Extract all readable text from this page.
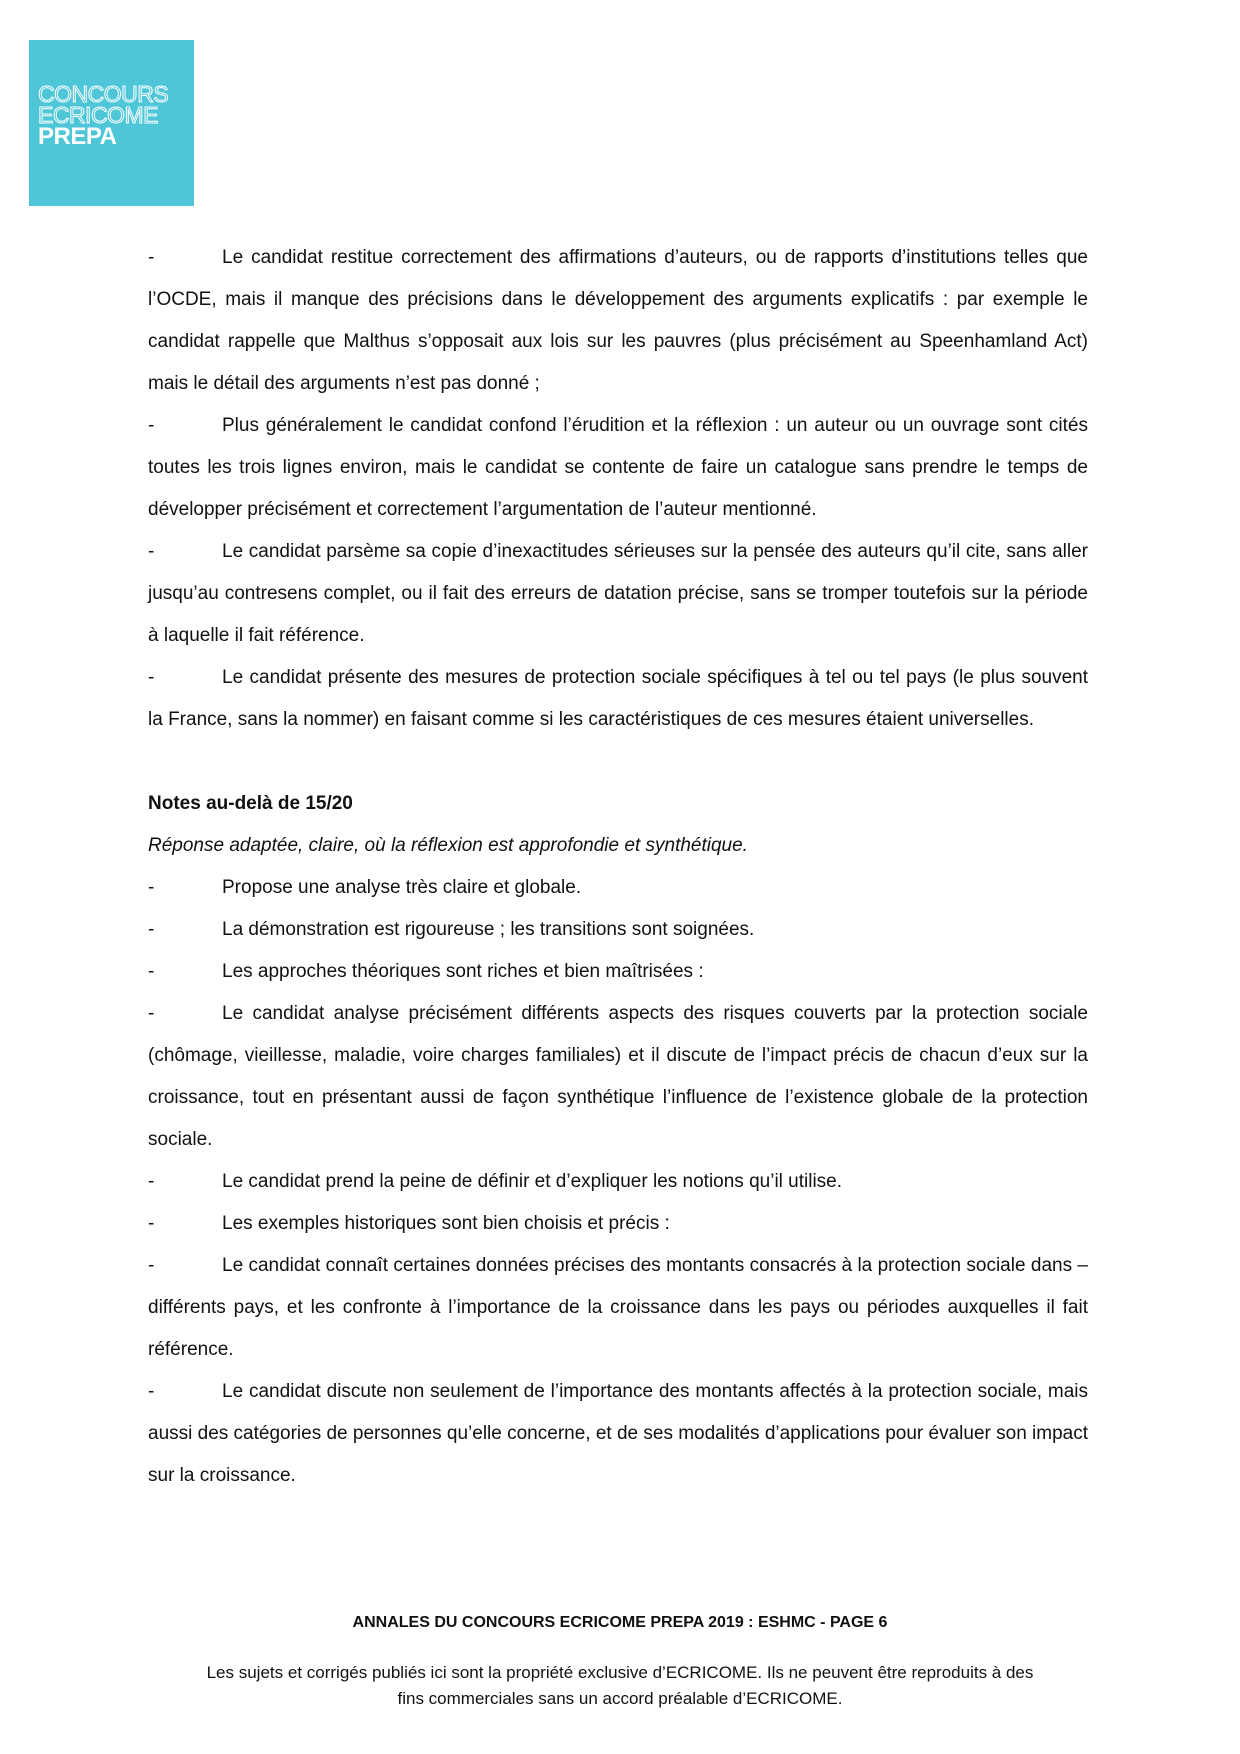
CONCOURS
ECRICOME
PREPA
-	Le candidat restitue correctement des affirmations d’auteurs, ou de rapports d’institutions telles que l’OCDE, mais il manque des précisions dans le développement des arguments explicatifs : par exemple le candidat rappelle que Malthus s’opposait aux lois sur les pauvres (plus précisément au Speenhamland Act) mais le détail des arguments n’est pas donné ;
-	Plus généralement le candidat confond l’érudition et la réflexion : un auteur ou un ouvrage sont cités toutes les trois lignes environ, mais le candidat se contente de faire un catalogue sans prendre le temps de développer précisément et correctement l’argumentation de l’auteur mentionné.
-	Le candidat parsème sa copie d’inexactitudes sérieuses sur la pensée des auteurs qu’il cite, sans aller jusqu’au contresens complet, ou il fait des erreurs de datation précise, sans se tromper toutefois sur la période à laquelle il fait référence.
-	Le candidat présente des mesures de protection sociale spécifiques à tel ou tel pays (le plus souvent la France, sans la nommer) en faisant comme si les caractéristiques de ces mesures étaient universelles.
Notes au-delà de 15/20
Réponse adaptée, claire, où la réflexion est approfondie et synthétique.
-	Propose une analyse très claire et globale.
-	La démonstration est rigoureuse ; les transitions sont soignées.
-	Les approches théoriques sont riches et bien maîtrisées :
-	Le candidat analyse précisément différents aspects des risques couverts par la protection sociale (chômage, vieillesse, maladie, voire charges familiales) et il discute de l’impact précis de chacun d’eux sur la croissance, tout en présentant aussi de façon synthétique l’influence de l’existence globale de la protection sociale.
-	Le candidat prend la peine de définir et d’expliquer les notions qu’il utilise.
-	Les exemples historiques sont bien choisis et précis :
-	Le candidat connaît certaines données précises des montants consacrés à la protection sociale dans – différents pays, et les confronte à l’importance de la croissance dans les pays ou périodes auxquelles il fait référence.
-	Le candidat discute non seulement de l’importance des montants affectés à la protection sociale, mais aussi des catégories de personnes qu’elle concerne, et de ses modalités d’applications pour évaluer son impact sur la croissance.
ANNALES DU CONCOURS ECRICOME PREPA 2019 : ESHMC - PAGE 6
Les sujets et corrigés publiés ici sont la propriété exclusive d’ECRICOME. Ils ne peuvent être reproduits à des
fins commerciales sans un accord préalable d’ECRICOME.
